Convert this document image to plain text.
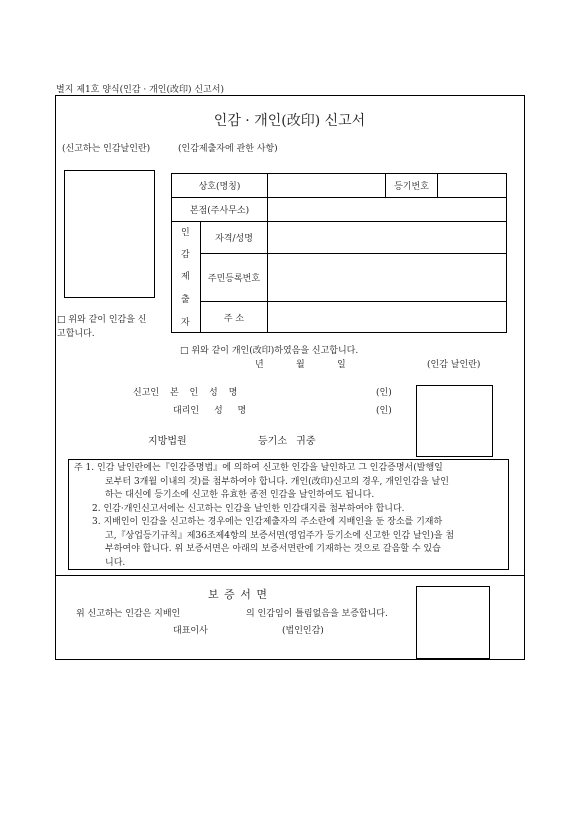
별지 제1호 양식(인감 · 개인(改印) 신고서)
인감 · 개인(改印) 신고서
(신고하는 인감날인란)	(인감제출자에 관한 사항)
상호(명칭)	등기번호
본점(주사무소)
인
감
제
출
자
자격/성명
주민등록번호
주 소
□ 위와 같이 인감을 신
고합니다.
□ 위와 같이 개인(改印)하였음을 신고합니다.
년	월	일	(인감 날인란)
신고인 본 인 성 명	(인)
대리인 성 명	(인)
지방법원	등기소 귀중

주 1. 인감 날인란에는『인감증명법』에 의하여 신고한 인감을 날인하고 그 인감증명서(발행일

로부터 3개월 이내의 것)를 첨부하여야 합니다. 개인(改印)신고의 경우, 개인인감을 날인

하는 대신에 등기소에 신고한 유효한 종전 인감을 날인하여도 됩니다.

2. 인감·개인신고서에는 신고하는 인감을 날인한 인감대지를 첨부하여야 합니다.

3. 지배인이 인감을 신고하는 경우에는 인감제출자의 주소란에 지배인을 둔 장소를 기재하

고,『상업등기규칙』제36조제4항의 보증서면(영업주가 등기소에 신고한 인감 날인)을 첨

부하여야 합니다. 위 보증서면은 아래의 보증서면란에 기재하는 것으로 갈음할 수 있습

니다.

보 증 서 면
위 신고하는 인감은 지배인	의 인감임이 틀림없음을 보증합니다.
대표이사	(법인인감)
